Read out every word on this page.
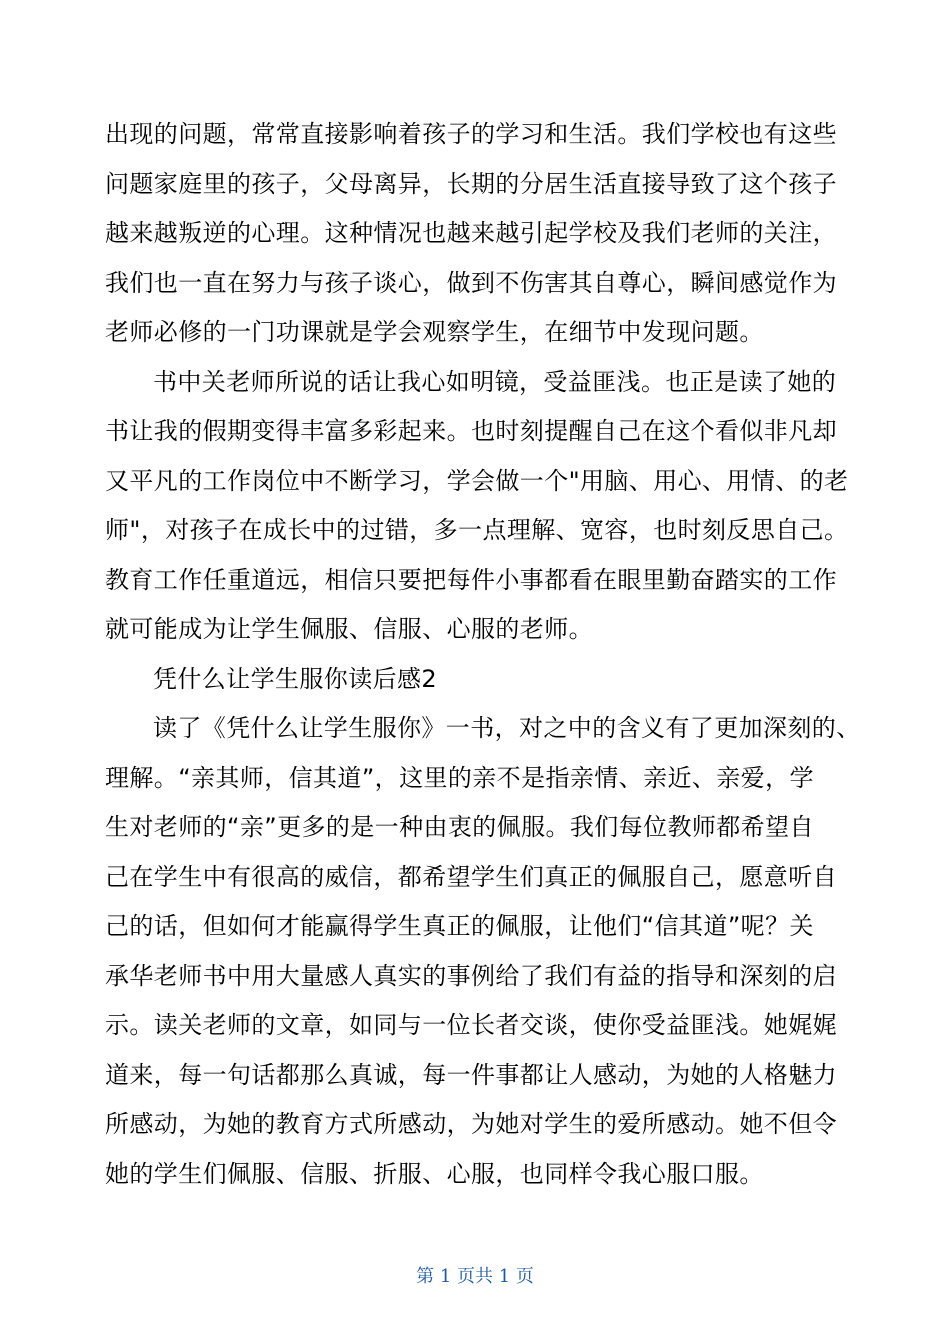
出现的问题，常常直接影响着孩子的学习和生活。我们学校也有这些
问题家庭里的孩子，父母离异，长期的分居生活直接导致了这个孩子
越来越叛逆的心理。这种情况也越来越引起学校及我们老师的关注，
我们也一直在努力与孩子谈心，做到不伤害其自尊心，瞬间感觉作为
老师必修的一门功课就是学会观察学生，在细节中发现问题。
书中关老师所说的话让我心如明镜，受益匪浅。也正是读了她的
书让我的假期变得丰富多彩起来。也时刻提醒自己在这个看似非凡却
又平凡的工作岗位中不断学习，学会做一个"用脑、用心、用情、的老
师"，对孩子在成长中的过错，多一点理解、宽容，也时刻反思自己。
教育工作任重道远，相信只要把每件小事都看在眼里勤奋踏实的工作
就可能成为让学生佩服、信服、心服的老师。
凭什么让学生服你读后感2
读了《凭什么让学生服你》一书，对之中的含义有了更加深刻的、
理解。“亲其师，信其道”，这里的亲不是指亲情、亲近、亲爱，学
生对老师的“亲”更多的是一种由衷的佩服。我们每位教师都希望自
己在学生中有很高的威信，都希望学生们真正的佩服自己，愿意听自
己的话，但如何才能赢得学生真正的佩服，让他们“信其道”呢？关
承华老师书中用大量感人真实的事例给了我们有益的指导和深刻的启
示。读关老师的文章，如同与一位长者交谈，使你受益匪浅。她娓娓
道来，每一句话都那么真诚，每一件事都让人感动，为她的人格魅力
所感动，为她的教育方式所感动，为她对学生的爱所感动。她不但令
她的学生们佩服、信服、折服、心服，也同样令我心服口服。
第 1 页共 1 页
